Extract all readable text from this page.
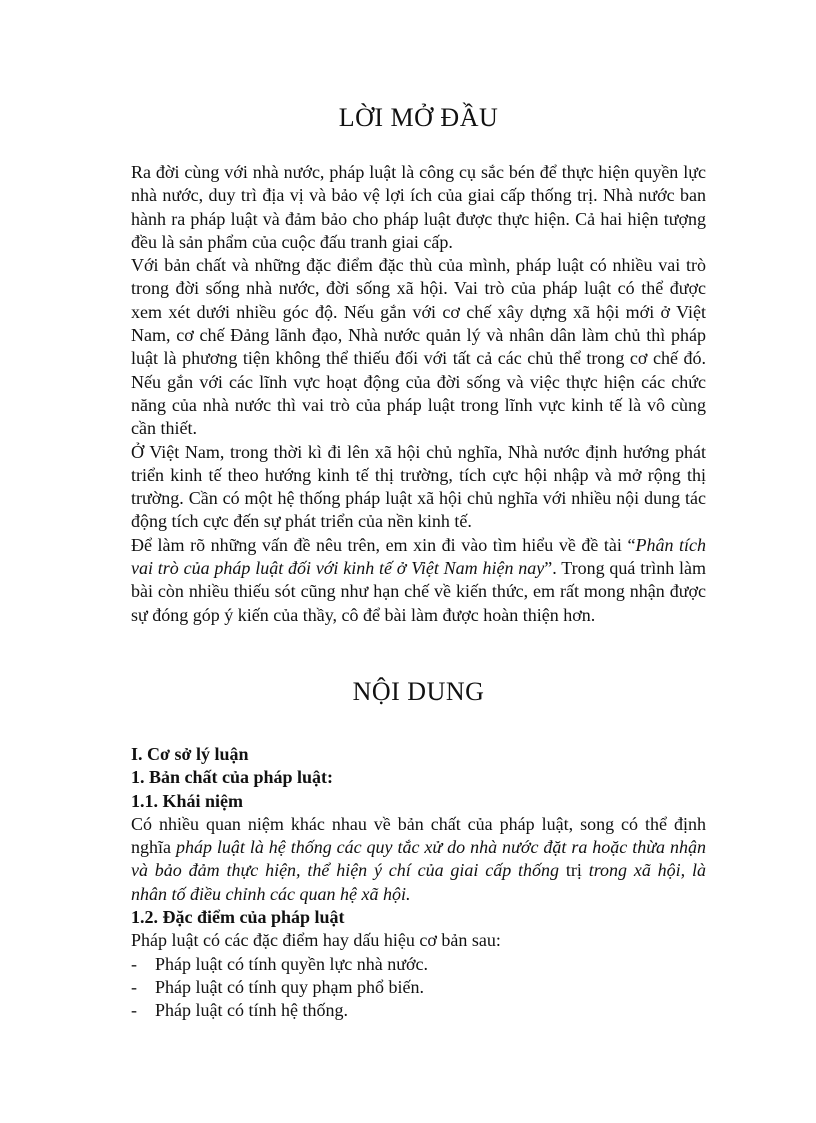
LỜI MỞ ĐẦU

Ra đời cùng với nhà nước, pháp luật là công cụ sắc bén để thực hiện quyền lực nhà nước, duy trì địa vị và bảo vệ lợi ích của giai cấp thống trị. Nhà nước ban hành ra pháp luật và đảm bảo cho pháp luật được thực hiện. Cả hai hiện tượng đều là sản phẩm của cuộc đấu tranh giai cấp.

Với bản chất và những đặc điểm đặc thù của mình, pháp luật có nhiều vai trò trong đời sống nhà nước, đời sống xã hội. Vai trò của pháp luật có thể được xem xét dưới nhiều góc độ. Nếu gắn với cơ chế xây dựng xã hội mới ở Việt Nam, cơ chế Đảng lãnh đạo, Nhà nước quản lý và nhân dân làm chủ thì pháp luật là phương tiện không thể thiếu đối với tất cả các chủ thể trong cơ chế đó. Nếu gắn với các lĩnh vực hoạt động của đời sống và việc thực hiện các chức năng của nhà nước thì vai trò của pháp luật trong lĩnh vực kinh tế là vô cùng cần thiết.

Ở Việt Nam, trong thời kì đi lên xã hội chủ nghĩa, Nhà nước định hướng phát triển kinh tế theo hướng kinh tế thị trường, tích cực hội nhập và mở rộng thị trường. Cần có một hệ thống pháp luật xã hội chủ nghĩa với nhiều nội dung tác động tích cực đến sự phát triển của nền kinh tế.

Để làm rõ những vấn đề nêu trên, em xin đi vào tìm hiểu về đề tài “Phân tích vai trò của pháp luật đối với kinh tế ở Việt Nam hiện nay”. Trong quá trình làm bài còn nhiều thiếu sót cũng như hạn chế về kiến thức, em rất mong nhận được sự đóng góp ý kiến của thầy, cô để bài làm được hoàn thiện hơn.

NỘI DUNG

I. Cơ sở lý luận

1. Bản chất của pháp luật:

1.1. Khái niệm

Có nhiều quan niệm khác nhau về bản chất của pháp luật, song có thể định nghĩa pháp luật là hệ thống các quy tắc xử do nhà nước đặt ra hoặc thừa nhận và bảo đảm thực hiện, thể hiện ý chí của giai cấp thống trị trong xã hội, là nhân tố điều chỉnh các quan hệ xã hội.

1.2. Đặc điểm của pháp luật

Pháp luật có các đặc điểm hay dấu hiệu cơ bản sau:

-	Pháp luật có tính quyền lực nhà nước.
-	Pháp luật có tính quy phạm phổ biến.
-	Pháp luật có tính hệ thống.
